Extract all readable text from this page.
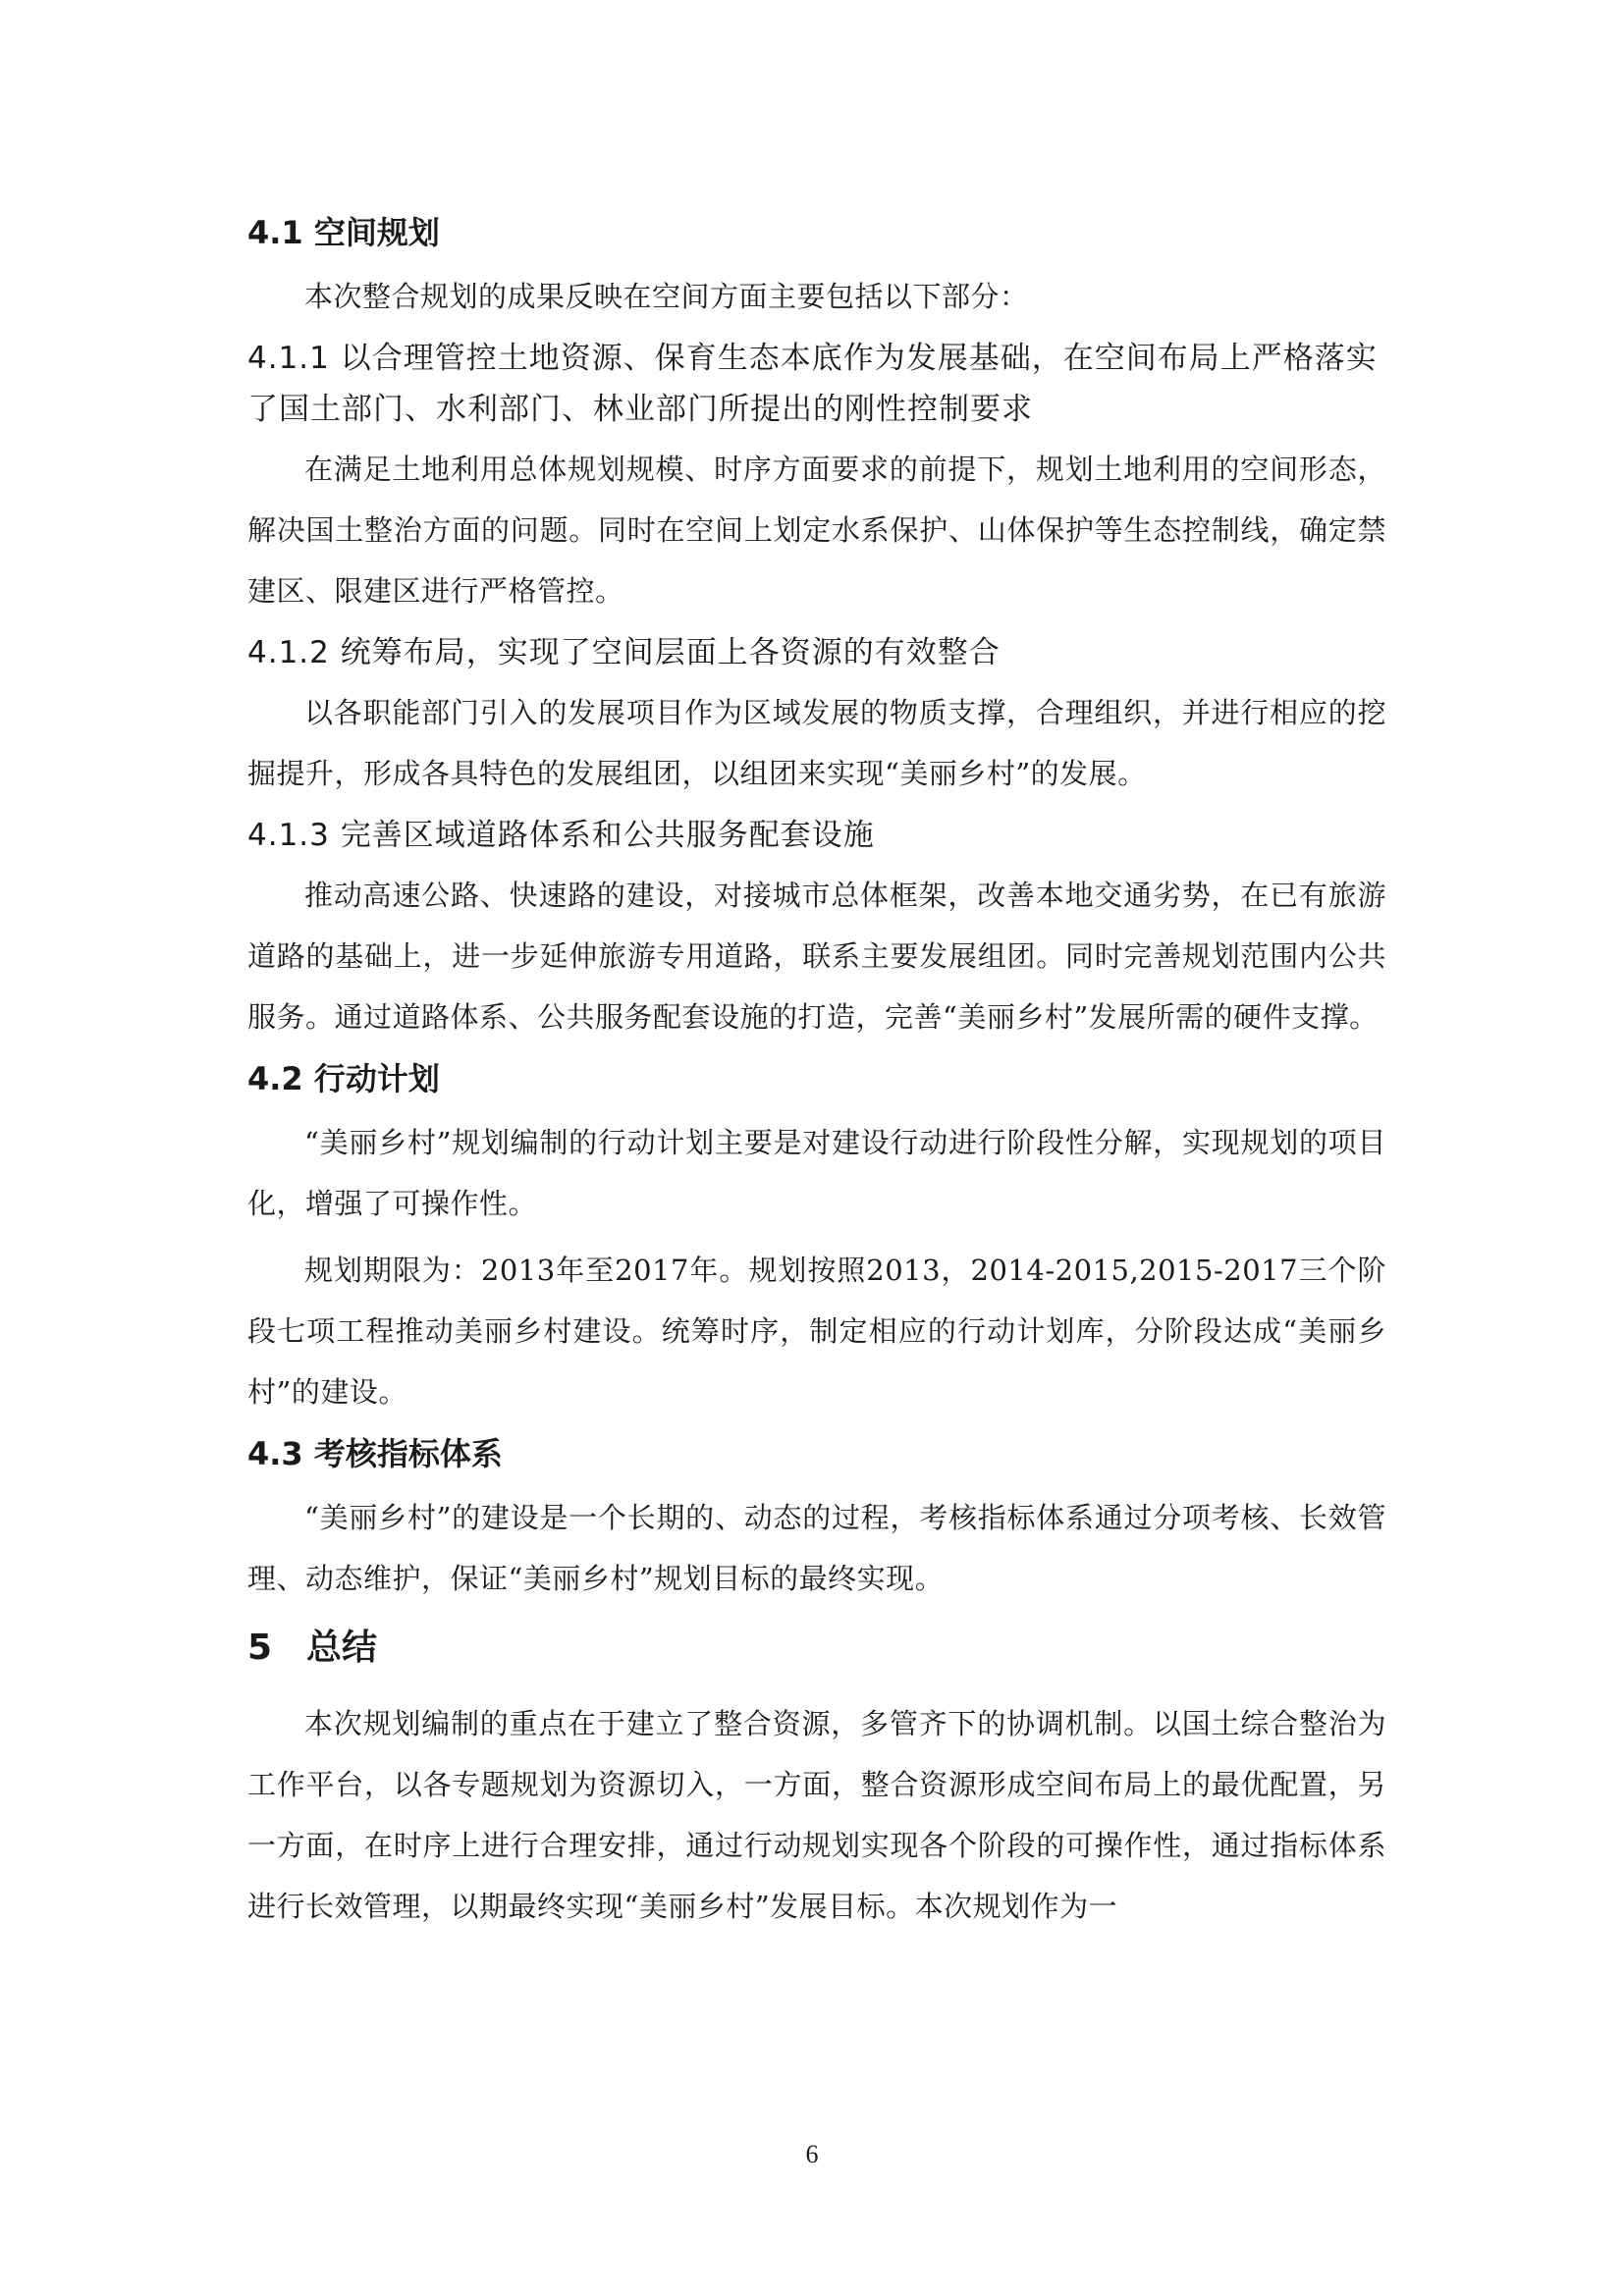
4.1 空间规划
本次整合规划的成果反映在空间方面主要包括以下部分：
4.1.1 以合理管控土地资源、保育生态本底作为发展基础，在空间布局上严格落实了国土部门、水利部门、林业部门所提出的刚性控制要求
在满足土地利用总体规划规模、时序方面要求的前提下，规划土地利用的空间形态，解决国土整治方面的问题。同时在空间上划定水系保护、山体保护等生态控制线，确定禁建区、限建区进行严格管控。
4.1.2 统筹布局，实现了空间层面上各资源的有效整合
以各职能部门引入的发展项目作为区域发展的物质支撑，合理组织，并进行相应的挖掘提升，形成各具特色的发展组团，以组团来实现“美丽乡村”的发展。
4.1.3 完善区域道路体系和公共服务配套设施
推动高速公路、快速路的建设，对接城市总体框架，改善本地交通劣势，在已有旅游道路的基础上，进一步延伸旅游专用道路，联系主要发展组团。同时完善规划范围内公共服务。通过道路体系、公共服务配套设施的打造，完善“美丽乡村”发展所需的硬件支撑。
4.2 行动计划
“美丽乡村”规划编制的行动计划主要是对建设行动进行阶段性分解，实现规划的项目化，增强了可操作性。
规划期限为：2013年至2017年。规划按照2013，2014-2015,2015-2017三个阶段七项工程推动美丽乡村建设。统筹时序，制定相应的行动计划库，分阶段达成“美丽乡村”的建设。
4.3 考核指标体系
“美丽乡村”的建设是一个长期的、动态的过程，考核指标体系通过分项考核、长效管理、动态维护，保证“美丽乡村”规划目标的最终实现。
5 总结
本次规划编制的重点在于建立了整合资源，多管齐下的协调机制。以国土综合整治为工作平台，以各专题规划为资源切入，一方面，整合资源形成空间布局上的最优配置，另一方面，在时序上进行合理安排，通过行动规划实现各个阶段的可操作性，通过指标体系进行长效管理，以期最终实现“美丽乡村”发展目标。本次规划作为一
6
